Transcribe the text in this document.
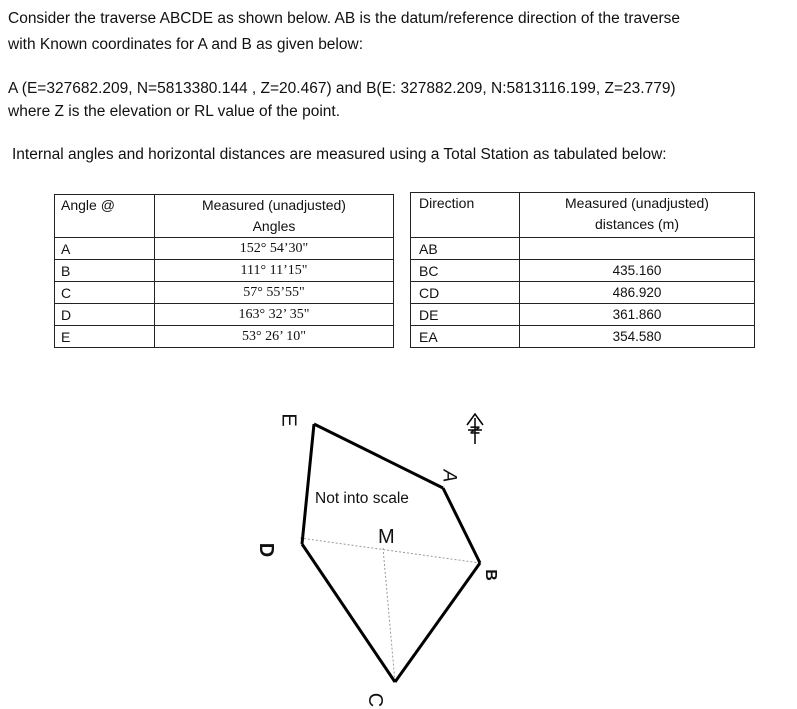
Consider the traverse ABCDE as shown below. AB is the datum/reference direction of the traverse
with Known coordinates for A and B as given below:
A (E=327682.209, N=5813380.144 , Z=20.467) and B(E: 327882.209, N:5813116.199, Z=23.779)
where Z is the elevation or RL value of the point.
Internal angles and horizontal distances are measured using a Total Station as tabulated below:
Angle @	Measured (unadjusted)
Angles

A	152° 54’30"
B	111° 11’15"
C	57° 55’55"
D	163° 32’ 35"
E	53° 26’ 10"
Direction	Measured (unadjusted)
distances (m)

AB	
BC	435.160
CD	486.920
DE	361.860
EA	354.580
N
E
A
D
B
C
Not into scale
M
